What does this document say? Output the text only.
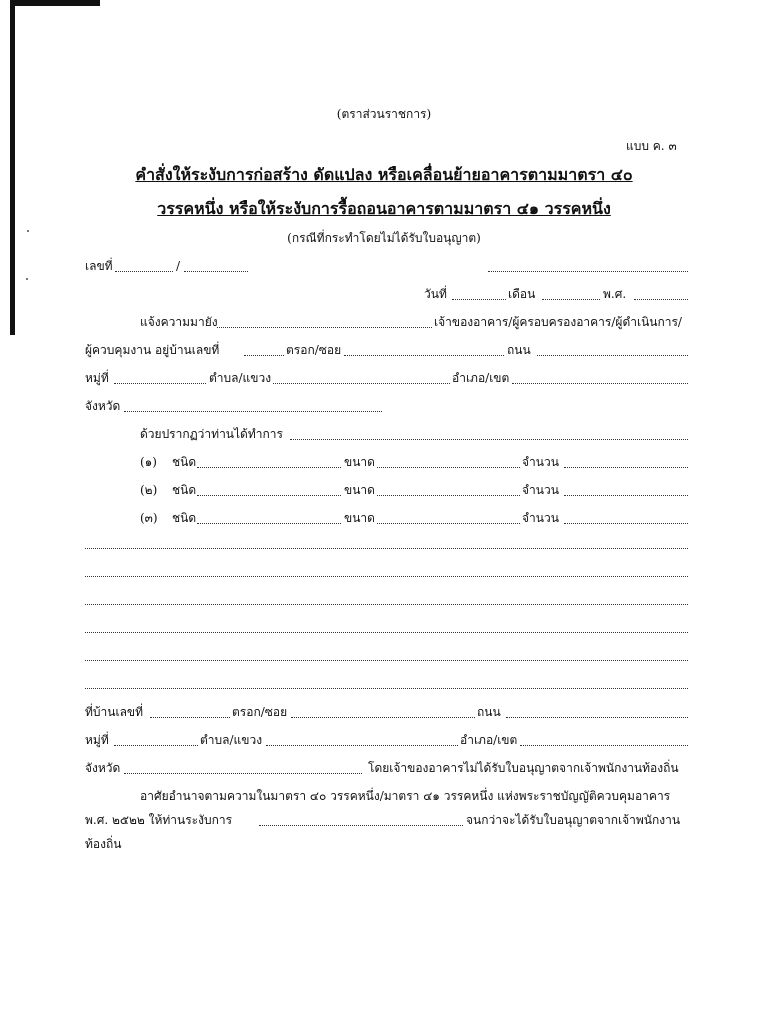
(ตราส่วนราชการ)
แบบ ค. ๓
คำสั่งให้ระงับการก่อสร้าง ดัดแปลง หรือเคลื่อนย้ายอาคารตามมาตรา ๔๐
วรรคหนึ่ง หรือให้ระงับการรื้อถอนอาคารตามมาตรา ๔๑ วรรคหนึ่ง
(กรณีที่กระทำโดยไม่ได้รับใบอนุญาต)
เลขที่	/
วันที่	เดือน	พ.ศ.
แจ้งความมายัง	เจ้าของอาคาร/ผู้ครอบครองอาคาร/ผู้ดำเนินการ/
ผู้ควบคุมงาน อยู่บ้านเลขที่	ตรอก/ซอย	ถนน
หมู่ที่	ตำบล/แขวง	อำเภอ/เขต
จังหวัด
ด้วยปรากฏว่าท่านได้ทำการ
(๑) ชนิด	ขนาด	จำนวน
(๒) ชนิด	ขนาด	จำนวน
(๓) ชนิด	ขนาด	จำนวน
ที่บ้านเลขที่	ตรอก/ซอย	ถนน
หมู่ที่	ตำบล/แขวง	อำเภอ/เขต
จังหวัด	โดยเจ้าของอาคารไม่ได้รับใบอนุญาตจากเจ้าพนักงานท้องถิ่น
อาศัยอำนาจตามความในมาตรา ๔๐ วรรคหนึ่ง/มาตรา ๔๑ วรรคหนึ่ง แห่งพระราชบัญญัติควบคุมอาคาร
พ.ศ. ๒๕๒๒ ให้ท่านระงับการ	จนกว่าจะได้รับใบอนุญาตจากเจ้าพนักงาน
ท้องถิ่น
